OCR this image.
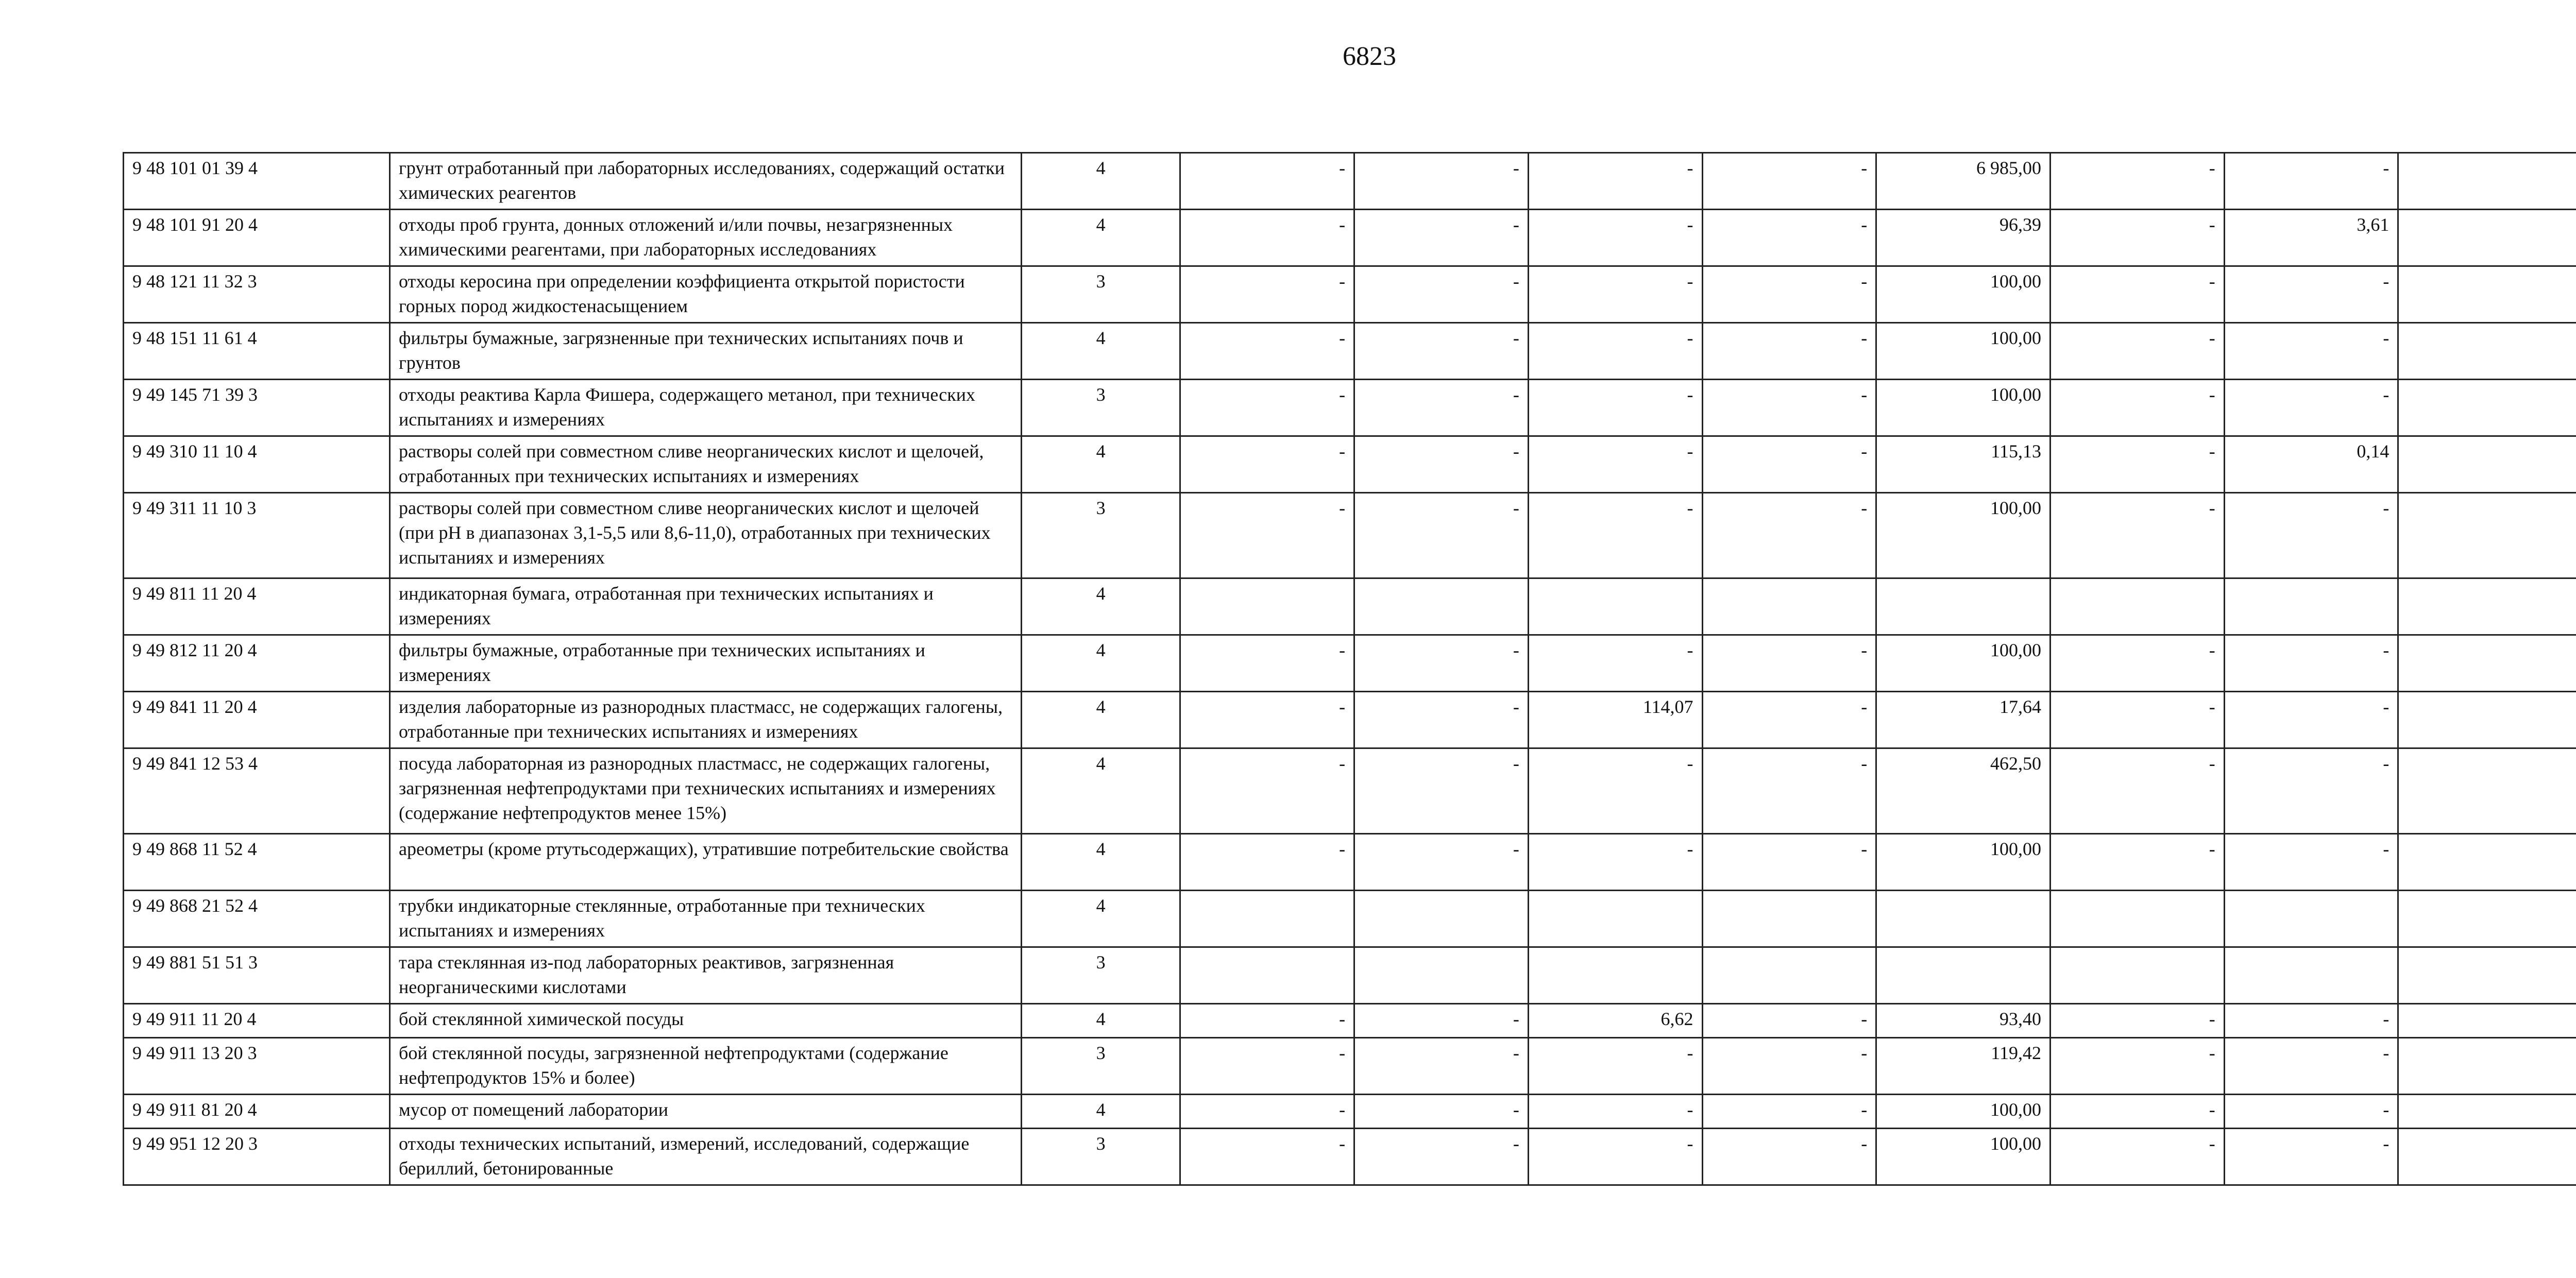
6823
9 48 101 01 39 4	грунт отработанный при лабораторных исследованиях, содержащий остатки химических реагентов	4	-	-	-	-	6 985,00	-	-	
9 48 101 91 20 4	отходы проб грунта, донных отложений и/или почвы, незагрязненных химическими реагентами, при лабораторных исследованиях	4	-	-	-	-	96,39	-	3,61	
9 48 121 11 32 3	отходы керосина при определении коэффициента открытой пористости горных пород жидкостенасыщением	3	-	-	-	-	100,00	-	-	
9 48 151 11 61 4	фильтры бумажные, загрязненные при технических испытаниях почв и грунтов	4	-	-	-	-	100,00	-	-	
9 49 145 71 39 3	отходы реактива Карла Фишера, содержащего метанол, при технических испытаниях и измерениях	3	-	-	-	-	100,00	-	-	
9 49 310 11 10 4	растворы солей при совместном сливе неорганических кислот и щелочей, отработанных при технических испытаниях и измерениях	4	-	-	-	-	115,13	-	0,14	
9 49 311 11 10 3	растворы солей при совместном сливе неорганических кислот и щелочей (при pH в диапазонах 3,1-5,5 или 8,6-11,0), отработанных при технических испытаниях и измерениях	3	-	-	-	-	100,00	-	-	
9 49 811 11 20 4	индикаторная бумага, отработанная при технических испытаниях и измерениях	4								
9 49 812 11 20 4	фильтры бумажные, отработанные при технических испытаниях и измерениях	4	-	-	-	-	100,00	-	-	
9 49 841 11 20 4	изделия лабораторные из разнородных пластмасс, не содержащих галогены, отработанные при технических испытаниях и измерениях	4	-	-	114,07	-	17,64	-	-	
9 49 841 12 53 4	посуда лабораторная из разнородных пластмасс, не содержащих галогены, загрязненная нефтепродуктами при технических испытаниях и измерениях (содержание нефтепродуктов менее 15%)	4	-	-	-	-	462,50	-	-	
9 49 868 11 52 4	ареометры (кроме ртутьсодержащих), утратившие потребительские свойства	4	-	-	-	-	100,00	-	-	
9 49 868 21 52 4	трубки индикаторные стеклянные, отработанные при технических испытаниях и измерениях	4								
9 49 881 51 51 3	тара стеклянная из-под лабораторных реактивов, загрязненная неорганическими кислотами	3								
9 49 911 11 20 4	бой стеклянной химической посуды	4	-	-	6,62	-	93,40	-	-	
9 49 911 13 20 3	бой стеклянной посуды, загрязненной нефтепродуктами (содержание нефтепродуктов 15% и более)	3	-	-	-	-	119,42	-	-	
9 49 911 81 20 4	мусор от помещений лаборатории	4	-	-	-	-	100,00	-	-	
9 49 951 12 20 3	отходы технических испытаний, измерений, исследований, содержащие бериллий, бетонированные	3	-	-	-	-	100,00	-	-	
